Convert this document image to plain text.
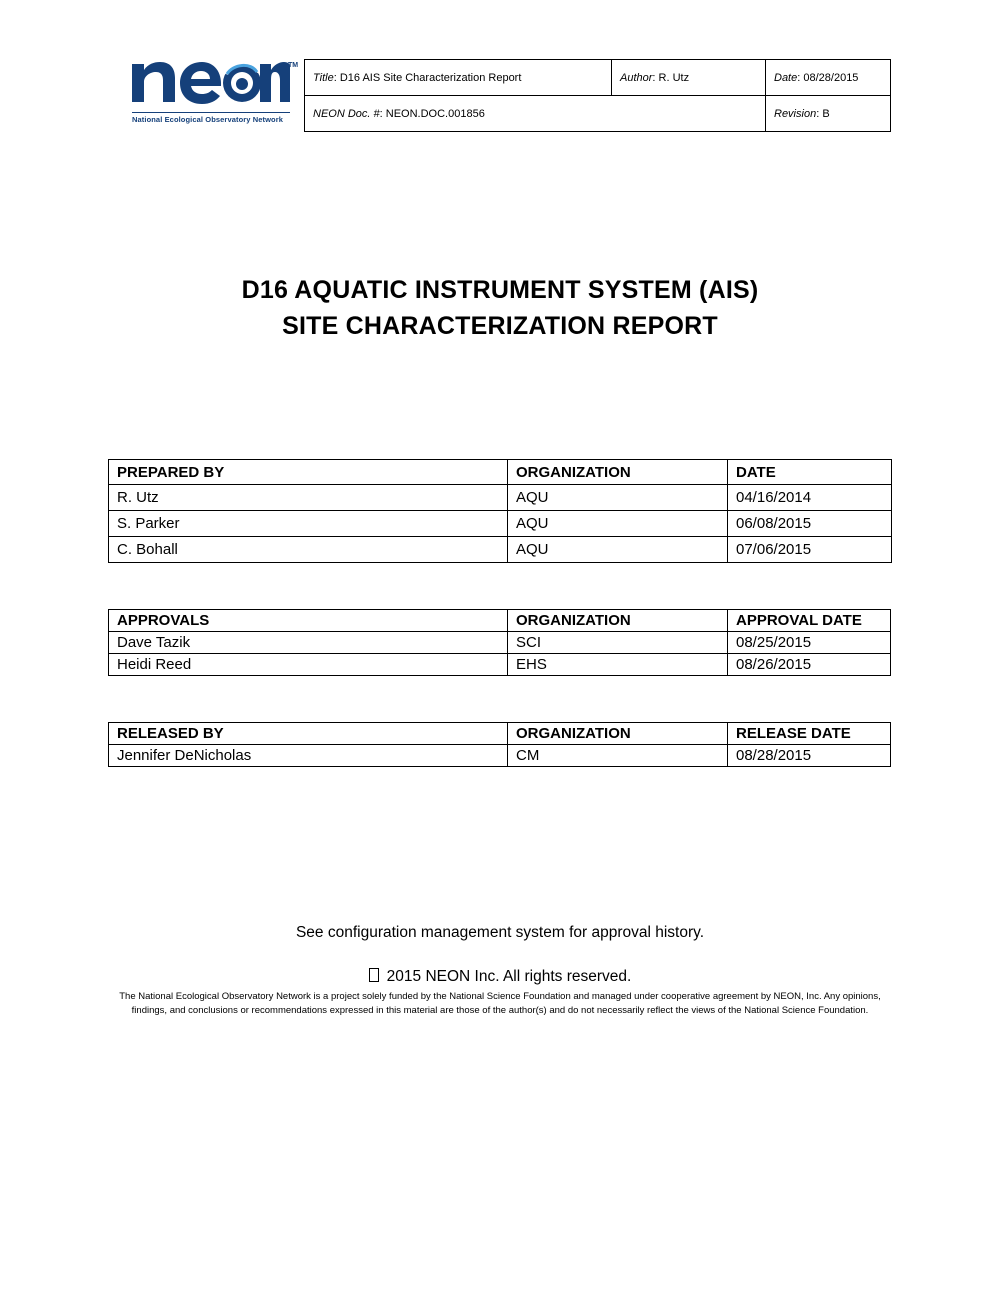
TM
National Ecological Observatory Network
Title: D16 AIS Site Characterization Report	Author: R. Utz	Date: 08/28/2015
NEON Doc. #: NEON.DOC.001856		Revision: B
D16 AQUATIC INSTRUMENT SYSTEM (AIS)
SITE CHARACTERIZATION REPORT
PREPARED BY	ORGANIZATION	DATE
R. Utz	AQU	04/16/2014
S. Parker	AQU	06/08/2015
C. Bohall	AQU	07/06/2015
APPROVALS	ORGANIZATION	APPROVAL DATE
Dave Tazik	SCI	08/25/2015
Heidi Reed	EHS	08/26/2015
RELEASED BY	ORGANIZATION	RELEASE DATE
Jennifer DeNicholas	CM	08/28/2015
See configuration management system for approval history.
2015 NEON Inc. All rights reserved.
The National Ecological Observatory Network is a project solely funded by the National Science Foundation and managed under cooperative agreement by NEON, Inc. Any opinions, findings, and conclusions or recommendations expressed in this material are those of the author(s) and do not necessarily reflect the views of the National Science Foundation.
